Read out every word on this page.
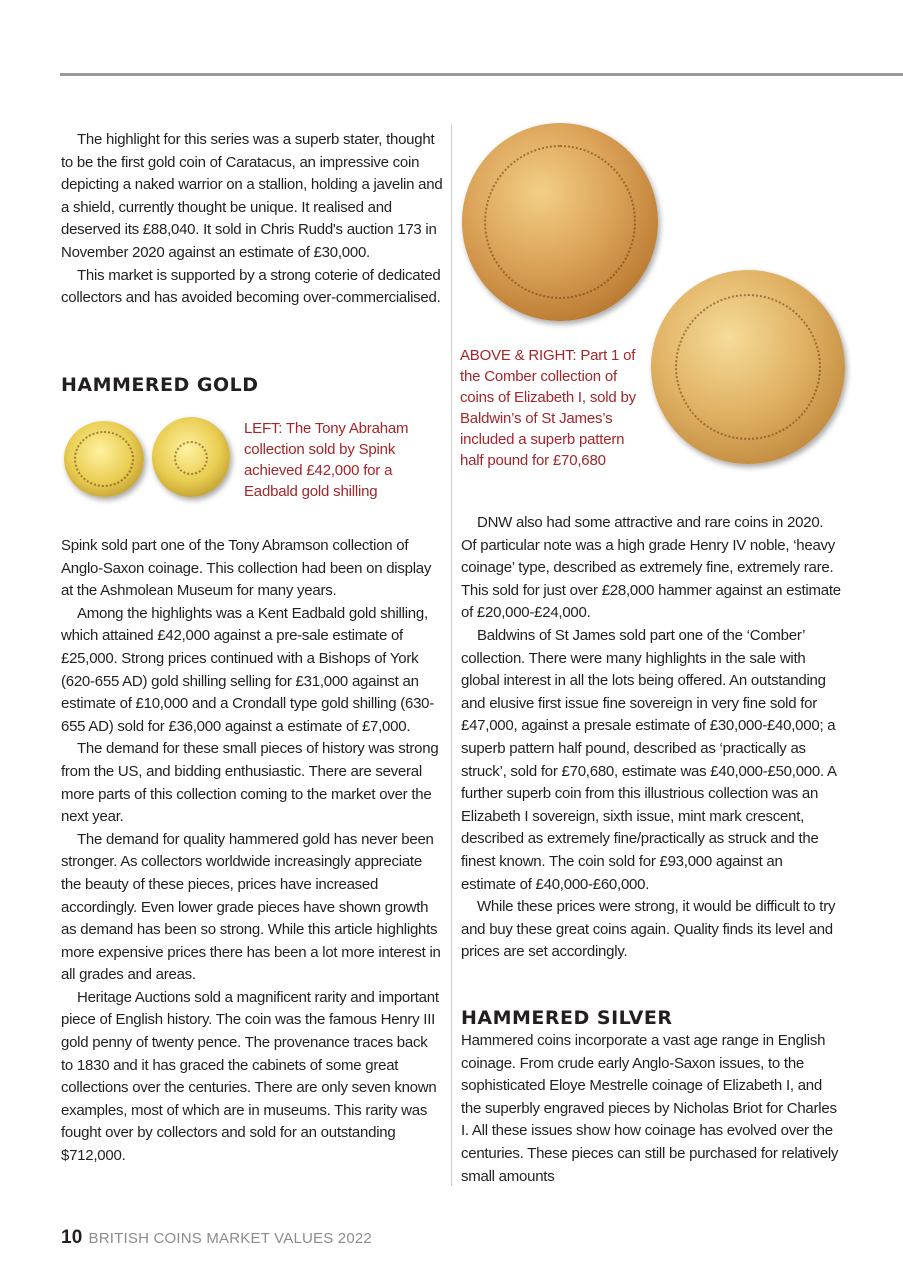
The highlight for this series was a superb stater, thought to be the first gold coin of Caratacus, an impressive coin depicting a naked warrior on a stallion, holding a javelin and a shield, currently thought be unique. It realised and deserved its £88,040. It sold in Chris Rudd's auction 173 in November 2020 against an estimate of £30,000.

This market is supported by a strong coterie of dedicated collectors and has avoided becoming over-commercialised.

HAMMERED GOLD
LEFT: The Tony Abraham collection sold by Spink achieved £42,000 for a Eadbald gold shilling

Spink sold part one of the Tony Abramson collection of Anglo-Saxon coinage. This collection had been on display at the Ashmolean Museum for many years.

Among the highlights was a Kent Eadbald gold shilling, which attained £42,000 against a pre-sale estimate of £25,000. Strong prices continued with a Bishops of York (620-655 AD) gold shilling selling for £31,000 against an estimate of £10,000 and a Crondall type gold shilling (630-655 AD) sold for £36,000 against a estimate of £7,000.

The demand for these small pieces of history was strong from the US, and bidding enthusiastic. There are several more parts of this collection coming to the market over the next year.

The demand for quality hammered gold has never been stronger. As collectors worldwide increasingly appreciate the beauty of these pieces, prices have increased accordingly. Even lower grade pieces have shown growth as demand has been so strong. While this article highlights more expensive prices there has been a lot more interest in all grades and areas.

Heritage Auctions sold a magnificent rarity and important piece of English history. The coin was the famous Henry III gold penny of twenty pence. The provenance traces back to 1830 and it has graced the cabinets of some great collections over the centuries. There are only seven known examples, most of which are in museums. This rarity was fought over by collectors and sold for an outstanding $712,000.

ABOVE & RIGHT: Part 1 of the Comber collection of coins of Elizabeth I, sold by Baldwin’s of St James’s included a superb pattern half pound for £70,680

DNW also had some attractive and rare coins in 2020. Of particular note was a high grade Henry IV noble, ‘heavy coinage’ type, described as extremely fine, extremely rare. This sold for just over £28,000 hammer against an estimate of £20,000-£24,000.

Baldwins of St James sold part one of the ‘Comber’ collection. There were many highlights in the sale with global interest in all the lots being offered. An outstanding and elusive first issue fine sovereign in very fine sold for £47,000, against a presale estimate of £30,000-£40,000; a superb pattern half pound, described as ‘practically as struck’, sold for £70,680, estimate was £40,000-£50,000. A further superb coin from this illustrious collection was an Elizabeth I sovereign, sixth issue, mint mark crescent, described as extremely fine/practically as struck and the finest known. The coin sold for £93,000 against an estimate of £40,000-£60,000.

While these prices were strong, it would be difficult to try and buy these great coins again. Quality finds its level and prices are set accordingly.

HAMMERED SILVER

Hammered coins incorporate a vast age range in English coinage. From crude early Anglo-Saxon issues, to the sophisticated Eloye Mestrelle coinage of Elizabeth I, and the superbly engraved pieces by Nicholas Briot for Charles I. All these issues show how coinage has evolved over the centuries. These pieces can still be purchased for relatively small amounts

10 BRITISH COINS MARKET VALUES 2022
